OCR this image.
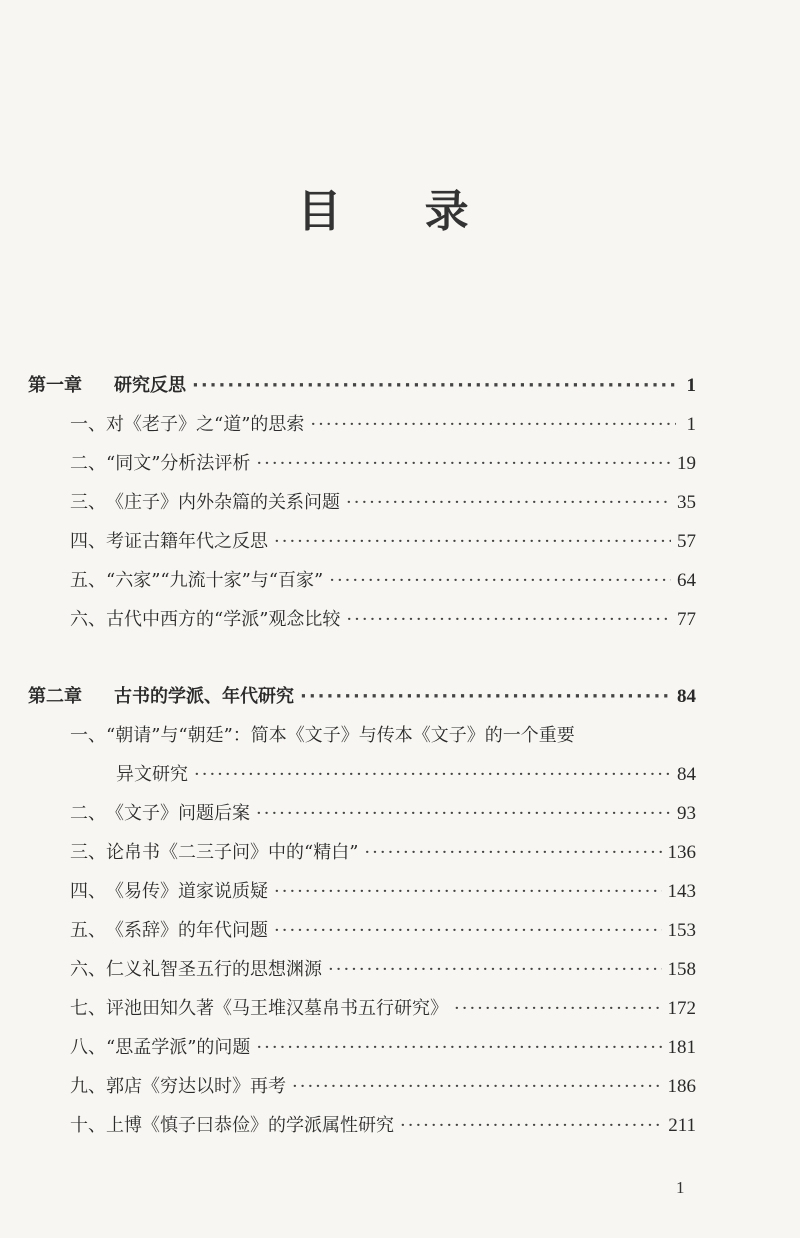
目 录
第一章	研究反思 ·····	1
一、 对《老子》之“道”的思索 ·····	1
二、 “同文”分析法评析 ·····	19
三、 《庄子》内外杂篇的关系问题 ·····	35
四、 考证古籍年代之反思 ·····	57
五、 “六家”“九流十家”与“百家” ·····	64
六、 古代中西方的“学派”观念比较 ·····	77
第二章	古书的学派、年代研究 ·····	84
一、 “朝请”与“朝廷”：简本《文子》与传本《文子》的一个重要
异文研究 ·····	84
二、 《文子》问题后案 ·····	93
三、 论帛书《二三子问》中的“精白” ·····	136
四、 《易传》道家说质疑 ·····	143
五、 《系辞》的年代问题 ·····	153
六、 仁义礼智圣五行的思想渊源 ·····	158
七、 评池田知久著《马王堆汉墓帛书五行研究》 ·····	172
八、 “思孟学派”的问题 ·····	181
九、 郭店《穷达以时》再考 ·····	186
十、 上博《慎子曰恭俭》的学派属性研究 ·····	211
1
